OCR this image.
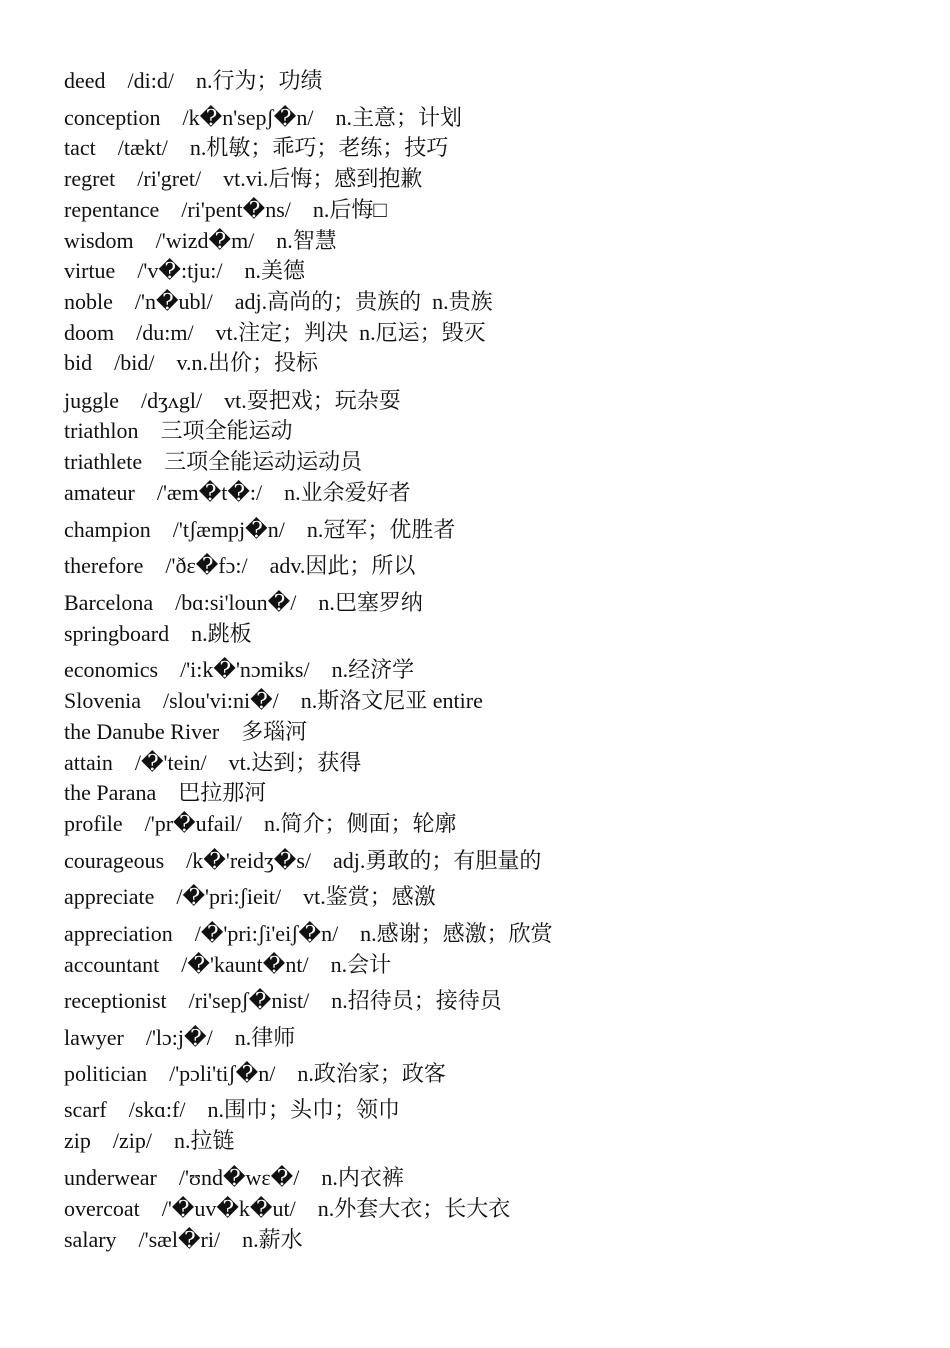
deed    /di:d/    n.行为；功绩
conception    /k�n'sepʃ�n/    n.主意；计划
tact    /tækt/    n.机敏；乖巧；老练；技巧
regret    /ri'gret/    vt.vi.后悔；感到抱歉
repentance    /ri'pent�ns/    n.后悔□
wisdom    /'wizd�m/    n.智慧
virtue    /'v�:tju:/    n.美德
noble    /'n�ubl/    adj.高尚的；贵族的  n.贵族
doom    /du:m/    vt.注定；判决  n.厄运；毁灭
bid    /bid/    v.n.出价；投标
juggle    /dʒʌgl/    vt.耍把戏；玩杂耍
triathlon    三项全能运动
triathlete    三项全能运动运动员
amateur    /'æm�t�:/    n.业余爱好者
champion    /'tʃæmpj�n/    n.冠军；优胜者
therefore    /'ðɛ�fɔ:/    adv.因此；所以
Barcelona    /bɑ:si'loun�/    n.巴塞罗纳
springboard    n.跳板
economics    /'i:k�'nɔmiks/    n.经济学
Slovenia    /slou'vi:ni�/    n.斯洛文尼亚 entire
the Danube River    多瑙河
attain    /�'tein/    vt.达到；获得
the Parana    巴拉那河
profile    /'pr�ufail/    n.简介；侧面；轮廓
courageous    /k�'reidʒ�s/    adj.勇敢的；有胆量的
appreciate    /�'pri:ʃieit/    vt.鉴赏；感激
appreciation    /�'pri:ʃi'eiʃ�n/    n.感谢；感激；欣赏
accountant    /�'kaunt�nt/    n.会计
receptionist    /ri'sepʃ�nist/    n.招待员；接待员
lawyer    /'lɔ:j�/    n.律师
politician    /'pɔli'tiʃ�n/    n.政治家；政客
scarf    /skɑ:f/    n.围巾；头巾；领巾
zip    /zip/    n.拉链
underwear    /'ʊnd�wɛ�/    n.内衣裤
overcoat    /'�uv�k�ut/    n.外套大衣；长大衣
salary    /'sæl�ri/    n.薪水
